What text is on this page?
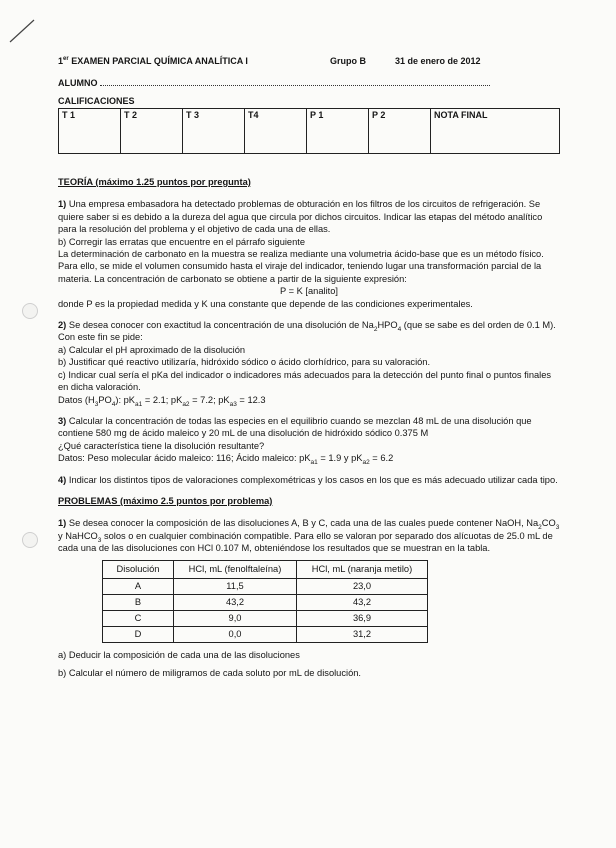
1er EXAMEN PARCIAL QUÍMICA ANALÍTICA I	Grupo B	31 de enero de 2012
ALUMNO
CALIFICACIONES
T 1	T 2	T 3	T4	P 1	P 2	NOTA FINAL

TEORÍA (máximo 1.25 puntos por pregunta)

1) Una empresa embasadora ha detectado problemas de obturación en los filtros de los circuitos de refrigeración. Se quiere saber si es debido a la dureza del agua que circula por dichos circuitos. Indicar las etapas del método analítico para la resolución del problema y el objetivo de cada una de ellas.

b) Corregir las erratas que encuentre en el párrafo siguiente

La determinación de carbonato en la muestra se realiza mediante una volumetria ácido-base que es un método físico. Para ello, se mide el volumen consumido hasta el viraje del indicador, teniendo lugar una transformación parcial de la materia. La concentración de carbonato se obtiene a partir de la siguiente expresión:

P = K [analito]

donde P es la propiedad medida y K una constante que depende de las condiciones experimentales.

2) Se desea conocer con exactitud la concentración de una disolución de $Na_2HPO_4$ (que se sabe es del orden de 0.1 M). Con este fin se pide:

a) Calcular el pH aproximado de la disolución

b) Justificar qué reactivo utilizaría, hidróxido sódico o ácido clorhídrico, para su valoración.

c) Indicar cual sería el pKa del indicador o indicadores más adecuados para la detección del punto final o puntos finales en dicha valoración.

Datos $(H_3PO_4)$: $pK_{a1} = 2.1$; $pK_{a2} = 7.2$; $pK_{a3} = 12.3$

3) Calcular la concentración de todas las especies en el equilibrio cuando se mezclan 48 mL de una disolución que contiene 580 mg de ácido maleico y 20 mL de una disolución de hidróxido sódico 0.375 M

¿Qué característica tiene la disolución resultante?

Datos: Peso molecular ácido maleico: 116; Ácido maleico: $pK_{a1} = 1.9$ y $pK_{a2} = 6.2$

4) Indicar los distintos tipos de valoraciones complexométricas y los casos en los que es más adecuado utilizar cada tipo.

PROBLEMAS (máximo 2.5 puntos por problema)

1) Se desea conocer la composición de las disoluciones A, B y C, cada una de las cuales puede contener NaOH, $Na_2CO_3$ y NaHCO$_3$ solos o en cualquier combinación compatible. Para ello se valoran por separado dos alícuotas de 25.0 mL de cada una de las disoluciones con HCl 0.107 M, obteniéndose los resultados que se muestran en la tabla.

Disolución	HCl, mL (fenolftaleína)	HCl, mL (naranja metilo)
A	11,5	23,0
B	43,2	43,2
C	9,0	36,9
D	0,0	31,2

a) Deducir la composición de cada una de las disoluciones

b) Calcular el número de miligramos de cada soluto por mL de disolución.
